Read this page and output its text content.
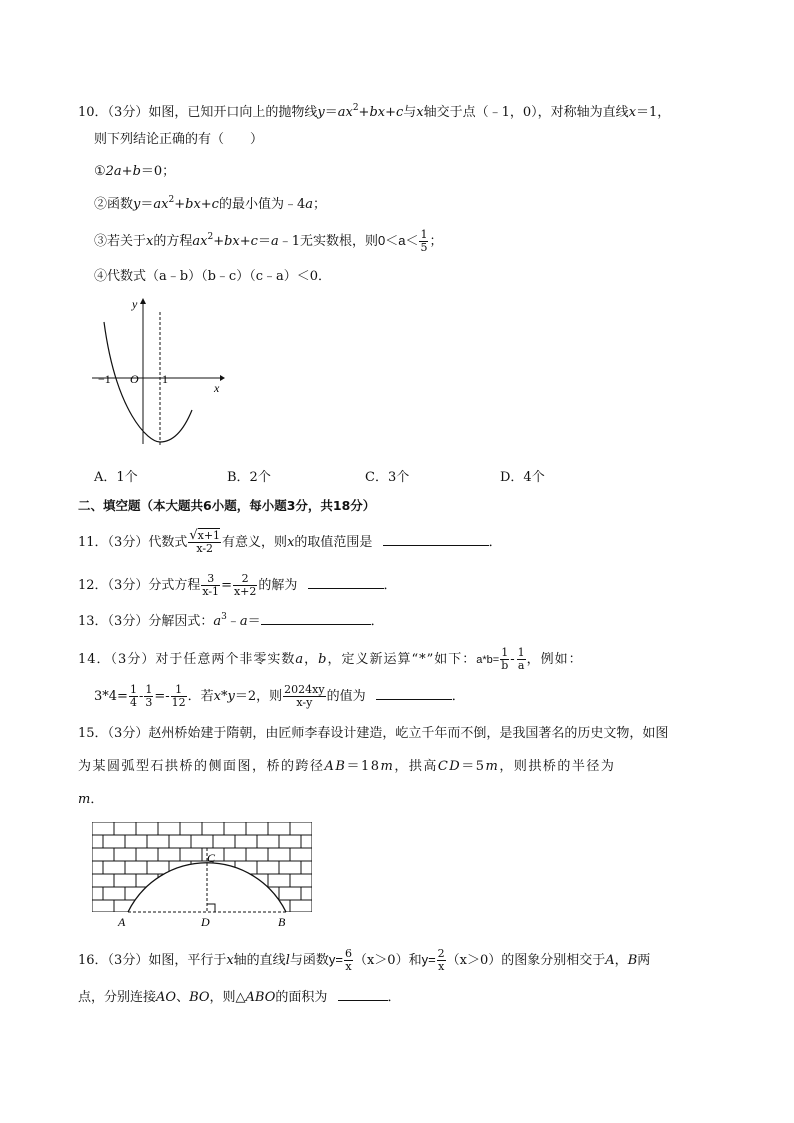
10．（3分）如图，已知开口向上的抛物线$y=ax^2+bx+c$与x轴交于点（﹣1，0），对称轴为直线x＝1，
则下列结论正确的有（　　）
①2a+b＝0；
②函数$y=ax^2+bx+c$的最小值为﹣4a；
③若关于x的方程$ax^2+bx+c=a﹣1$无实数根，则$0<a< \frac{1}{5}$ ；
④代数式（a﹣b）（b﹣c）（c﹣a）＜0．
y
x
O
−1	1
A．1个	B．2个	C．3个	D．4个
二、填空题（本大题共6小题，每小题3分，共18分）
11．（3分）代数式 $\frac{√x+1}{x-2}$ 有意义，则x的取值范围是	．
12．（3分）分式方程 $\frac{3}{x-1} = \frac{2}{x+2}$ 的解为	．
13．（3分）分解因式：$a^3﹣a=$	．
14．（3分）对于任意两个非零实数a，b，定义新运算“*”如下：$a*b= \frac{1}{b} - \frac{1}{a}$ ，例如：
$3*4= \frac{1}{4} - \frac{1}{3} =- \frac{1}{12}$ ．若x*y＝2，则 $\frac{2024xy}{x-y}$ 的值为	．
15．（3分）赵州桥始建于隋朝，由匠师李春设计建造，屹立千年而不倒，是我国著名的历史文物，如图
为某圆弧型石拱桥的侧面图，桥的跨径AB＝18m，拱高CD＝5m，则拱桥的半径为
m．
A	B
C
D
16．（3分）如图，平行于x轴的直线l与函数$y= \frac{6}{x} (x>0)$和$y= \frac{2}{x} (x>0)$的图象分别相交于A，B两
点，分别连接AO、BO，则△ABO的面积为	．
